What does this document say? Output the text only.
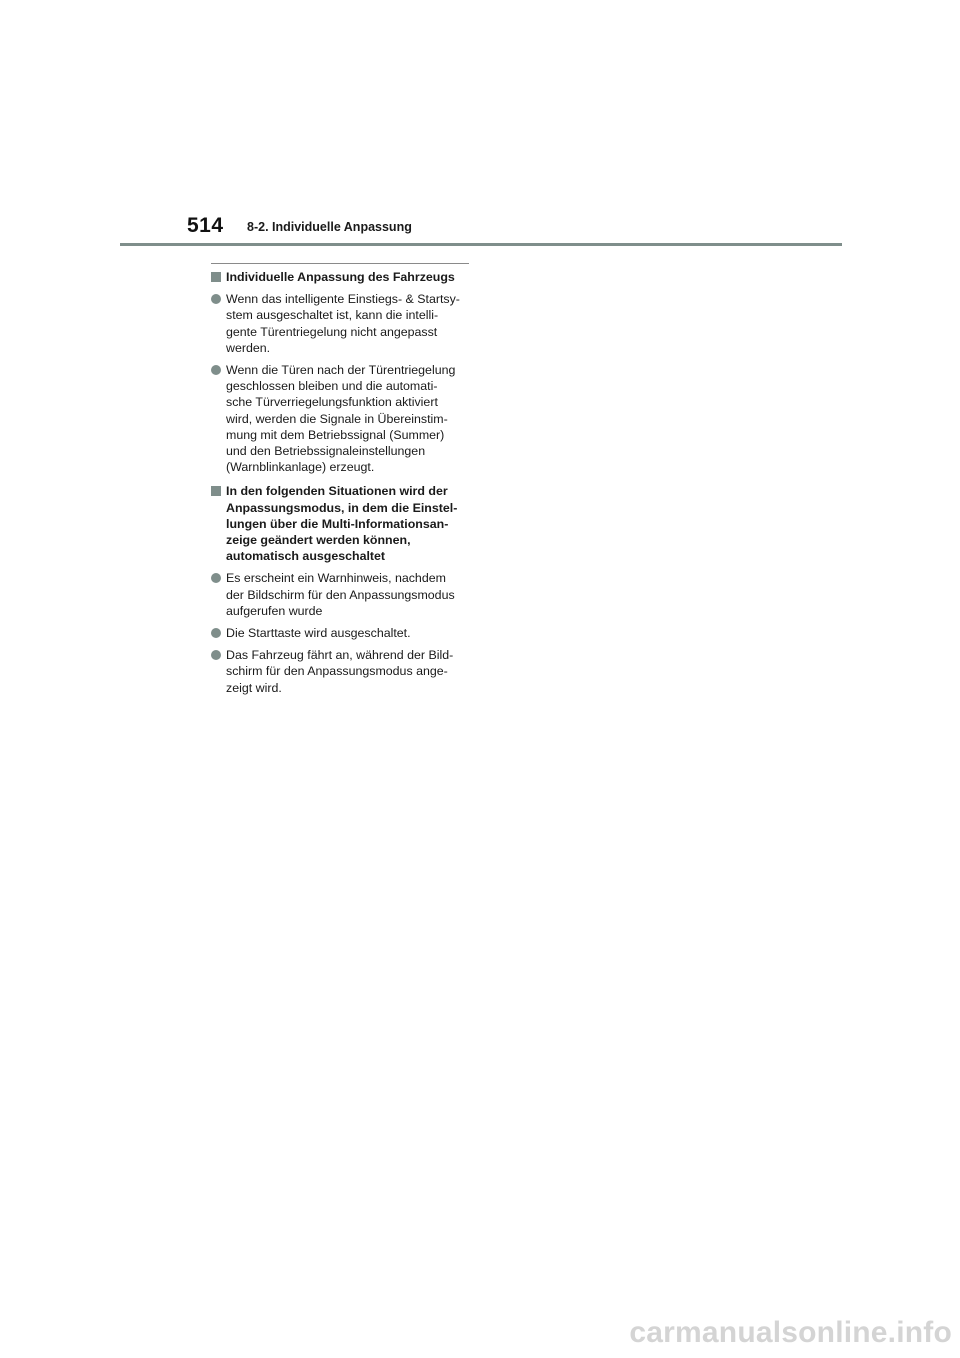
514 8-2. Individuelle Anpassung
Individuelle Anpassung des Fahrzeugs
Wenn das intelligente Einstiegs- & Startsy-
stem ausgeschaltet ist, kann die intelli-
gente Türentriegelung nicht angepasst
werden.
Wenn die Türen nach der Türentriegelung
geschlossen bleiben und die automati-
sche Türverriegelungsfunktion aktiviert
wird, werden die Signale in Übereinstim-
mung mit dem Betriebssignal (Summer)
und den Betriebssignaleinstellungen
(Warnblinkanlage) erzeugt.
In den folgenden Situationen wird der
Anpassungsmodus, in dem die Einstel-
lungen über die Multi-Informationsan-
zeige geändert werden können,
automatisch ausgeschaltet
Es erscheint ein Warnhinweis, nachdem
der Bildschirm für den Anpassungsmodus
aufgerufen wurde
Die Starttaste wird ausgeschaltet.
Das Fahrzeug fährt an, während der Bild-
schirm für den Anpassungsmodus ange-
zeigt wird.
carmanualsonline.info
